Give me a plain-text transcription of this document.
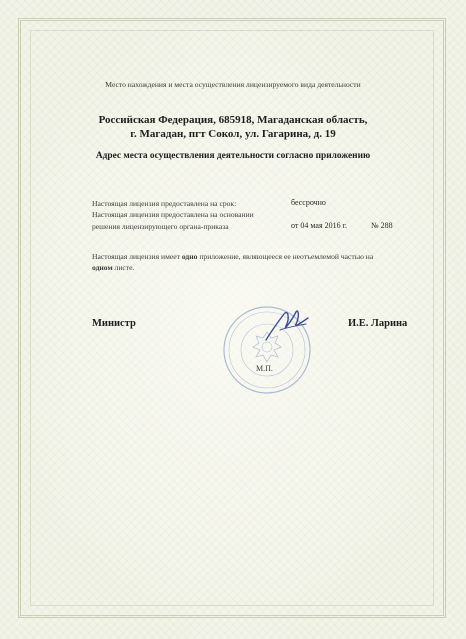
Место нахождения и места осуществления лицензируемого вида деятельности
Российская Федерация, 685918, Магаданская область,
г. Магадан, пгт Сокол, ул. Гагарина, д. 19
Адрес места осуществления деятельности согласно приложению
Настоящая лицензия предоставлена на срок:	бессрочно
Настоящая лицензия предоставлена на основании
решения лицензирующего органа-приказа	от 04 мая 2016 г.	№ 288
Настоящая лицензия имеет одно приложение, являющееся ее неотъемлемой частью на
одном листе.
Министр	И.Е. Ларина
М.П.
